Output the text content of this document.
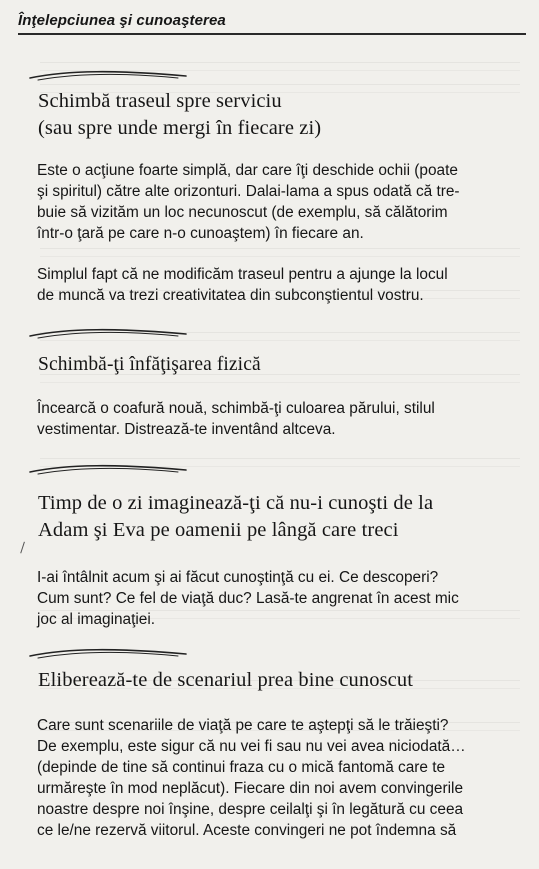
Înţelepciunea şi cunoaşterea
Schimbă traseul spre serviciu
(sau spre unde mergi în fiecare zi)

Este o acţiune foarte simplă, dar care îţi deschide ochii (poate
şi spiritul) către alte orizonturi. Dalai-lama a spus odată că tre-
buie să vizităm un loc necunoscut (de exemplu, să călătorim
într-o ţară pe care n-o cunoaştem) în fiecare an.

Simplul fapt că ne modificăm traseul pentru a ajunge la locul
de muncă va trezi creativitatea din subconştientul vostru.

Schimbă-ţi înfăţişarea fizică

Încearcă o coafură nouă, schimbă-ţi culoarea părului, stilul
vestimentar. Distrează-te inventând altceva.

Timp de o zi imaginează-ţi că nu-i cunoşti de la
Adam şi Eva pe oamenii pe lângă care treci

I-ai întâlnit acum şi ai făcut cunoştinţă cu ei. Ce descoperi?
Cum sunt? Ce fel de viaţă duc? Lasă-te angrenat în acest mic
joc al imaginaţiei.

Eliberează-te de scenariul prea bine cunoscut

Care sunt scenariile de viaţă pe care te aştepţi să le trăieşti?
De exemplu, este sigur că nu vei fi sau nu vei avea niciodată…
(depinde de tine să continui fraza cu o mică fantomă care te
urmăreşte în mod neplăcut). Fiecare din noi avem convingerile
noastre despre noi înşine, despre ceilalţi şi în legătură cu ceea
ce le/ne rezervă viitorul. Aceste convingeri ne pot îndemna să
